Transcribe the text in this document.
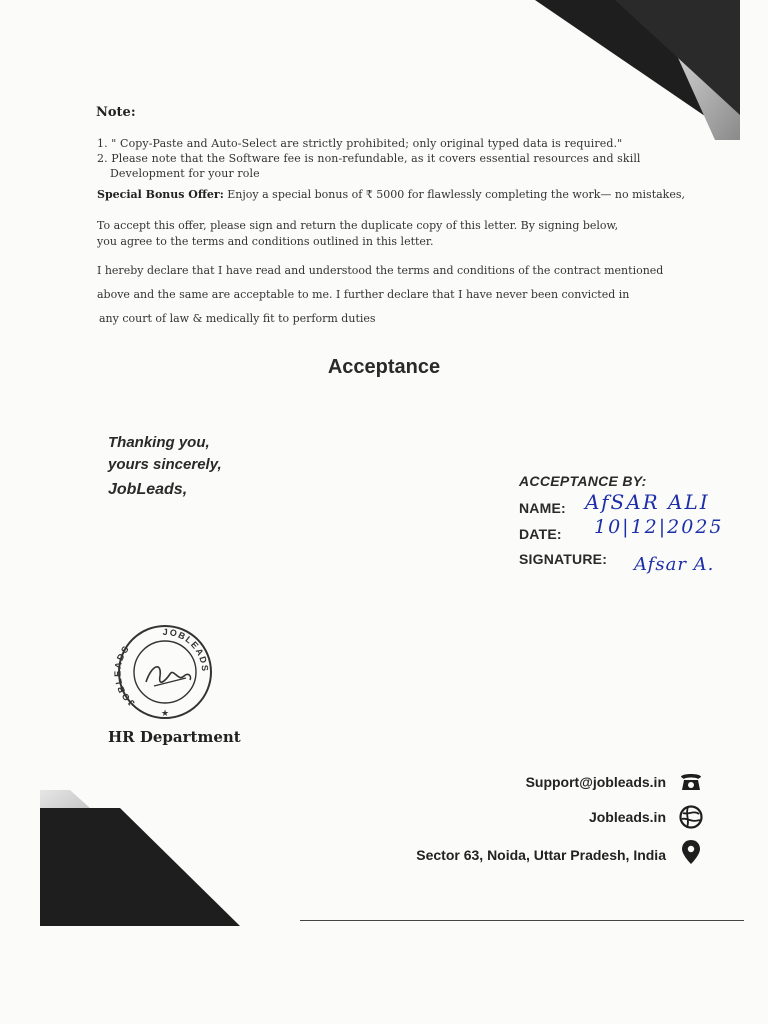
Note:
1. " Copy-Paste and Auto-Select are strictly prohibited; only original typed data is required."
2. Please note that the Software fee is non-refundable, as it covers essential resources and skill
Development for your role
Special Bonus Offer: Enjoy a special bonus of ₹ 5000 for flawlessly completing the work— no mistakes,
To accept this offer, please sign and return the duplicate copy of this letter. By signing below,
you agree to the terms and conditions outlined in this letter.
I hereby declare that I have read and understood the terms and conditions of the contract mentioned
above and the same are acceptable to me. I further declare that I have never been convicted in
any court of law & medically fit to perform duties
Acceptance
Thanking you,
yours sincerely,
JobLeads,	ACCEPTANCE BY:
NAME: AfSAR ALI
DATE: 10|12|2025
SIGNATURE: Afsar A.
JOBLEADS
JOBLEADS
★
HR Department
Support@jobleads.in
Jobleads.in
Sector 63, Noida, Uttar Pradesh, India
